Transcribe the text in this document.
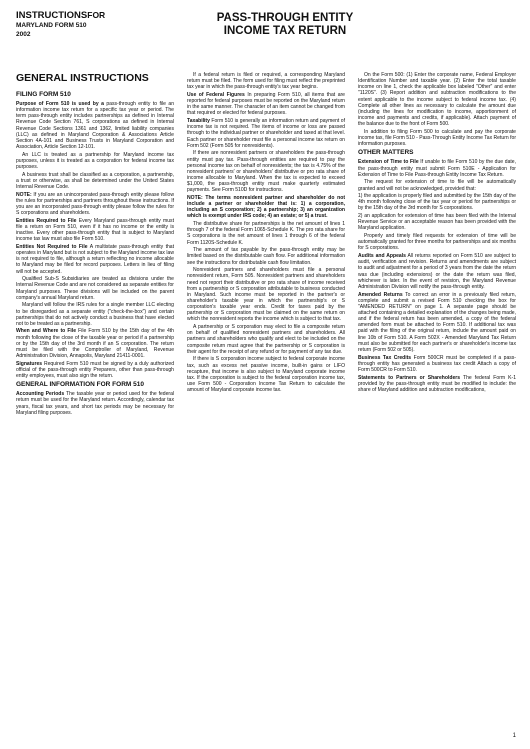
INSTRUCTIONSFOR
MARYLAND FORM 510
2002
PASS-THROUGH ENTITY
INCOME TAX RETURN
GENERAL INSTRUCTIONS
FILING FORM 510

Purpose of Form 510 is used by a pass-through entity to file an information income tax return for a specific tax year or period. The term pass-through entity includes partnerships as defined in Internal Revenue Code Section 761, S corporations as defined in Internal Revenue Code Sections 1361 and 1362, limited liability companies (LLC) as defined in Maryland Corporation & Associations Article Section 4A-101 and Business Trusts in Maryland Corporation and Association, Article Section 12-101.

An LLC is treated as a partnership for Maryland income tax purposes, unless it is treated as a corporation for federal income tax purposes.

A business trust shall be classified as a corporation, a partnership, a trust or otherwise, as shall be determined under the United States Internal Revenue Code.

NOTE: If you are an unincorporated pass-through entity please follow the rules for partnerships and partners throughout these instructions. If you are an incorporated pass-through entity please follow the rules for S corporations and shareholders.

Entities Required to File Every Maryland pass-through entity must file a return on Form 510, even if it has no income or the entity is inactive. Every other pass-through entity that is subject to Maryland income tax law must also file Form 510.

Entities Not Required to File A multistate pass-through entity that operates in Maryland but is not subject to the Maryland income tax law is not required to file, although a return reflecting no income allocable to Maryland may be filed for record purposes. Letters in lieu of filing will not be accepted.

Qualified Sub-S Subsidiaries are treated as divisions under the Internal Revenue Code and are not considered as separate entities for Maryland purposes. These divisions will be included on the parent company's annual Maryland return.

Maryland will follow the IRS rules for a single member LLC electing to be disregarded as a separate entity ("check-the-box") and certain partnerships that do not actively conduct a business that have elected not to be treated as a partnership.

When and Where to File File Form 510 by the 15th day of the 4th month following the close of the taxable year or period if a partnership or by the 15th day of the 3rd month if an S corporation. The return must be filed with the Comptroller of Maryland, Revenue Administration Division, Annapolis, Maryland 21411-0001.

Signatures Required Form 510 must be signed by a duly authorized official of the pass-through entity Preparers, other than pass-through entity employees, must also sign the return.

GENERAL INFORMATION FOR FORM 510

Accounting Periods The taxable year or period used for the federal return must be used for the Maryland return. Accordingly, calendar tax years, fiscal tax years, and short tax periods may be necessary for Maryland filing purposes.

If a federal return is filed or required, a corresponding Maryland return must be filed. The form used for filing must reflect the preprinted tax year in which the pass-through entity's tax year begins.

Use of Federal Figures In preparing Form 510, all items that are reported for federal purposes must be reported on the Maryland return in the same manner. The character of an item cannot be changed from that required or elected for federal purposes.

Taxability Form 510 is generally an information return and payment of income tax is not required. The items of income or loss are passed through to the individual partner or shareholder and taxed at that level. Each partner or shareholder must file a personal income tax return on Form 502 (Form 505 for nonresidents).

If there are nonresident partners or shareholders the pass-through entity must pay tax. Pass-through entities are required to pay the personal income tax on behalf of nonresidents; the tax is 4.75% of the nonresident partners' or shareholders' distributive or pro rata share of income allocable to Maryland. When the tax is expected to exceed $1,000, the pass-through entity must make quarterly estimated payments. See Form 510D for instructions.

NOTE: The terms nonresident partner and shareholder do not include a partner or shareholder that is: 1) a corporation, including an S corporation; 2) a partnership; 3) an organization which is exempt under IRS code; 4) an estate; or 5) a trust.

The distributive share for partnerships is the net amount of lines 1 through 7 of the federal Form 1065-Schedule K. The pro rata share for S corporations is the net amount of lines 1 through 6 of the federal Form 1120S-Schedule K.

The amount of tax payable by the pass-through entity may be limited based on the distributable cash flow. For additional information see the instructions for distributable cash flow limitation.

Nonresident partners and shareholders must file a personal nonresident return, Form 505. Nonresident partners and shareholders need not report their distributive or pro rata share of income received from a partnership or S corporation attributable to business conducted in Maryland. Such income must be reported in the partner's or shareholder's taxable year in which the partnership's or S corporation's taxable year ends. Credit for taxes paid by the partnership or S corporation must be claimed on the same return on which the nonresident reports the income which is subject to that tax.

A partnership or S corporation may elect to file a composite return on behalf of qualified nonresident partners and shareholders. All partners and shareholders who qualify and elect to be included on the composite return must agree that the partnership or S corporation is their agent for the receipt of any refund or for payment of any tax due.

If there is S corporation income subject to federal corporate income tax, such as excess net passive income, built-in gains or LIFO recapture, that income is also subject to Maryland corporate income tax. If the corporation is subject to the federal corporation income tax, use Form 500 - Corporation Income Tax Return to calculate the amount of Maryland corporate income tax.

On the Form 500: (1) Enter the corporate name, Federal Employer Identification Number and taxable year. (2) Enter the total taxable income on line 1, check the applicable box labeled "Other" and enter "1120S". (3) Report addition and subtraction modifications to the extent applicable to the income subject to federal income tax. (4) Complete all other lines as necessary to calculate the amount due (including the lines for modification to income, apportionment of income and payments and credits, if applicable). Attach payment of the balance due to the front of Form 500.

In addition to filing Form 500 to calculate and pay the corporate income tax, file Form 510 - Pass-Through Entity Income Tax Return for information purposes.

OTHER MATTERS

Extension of Time to File If unable to file Form 510 by the due date, the pass-through entity must submit Form 510E - Application for Extension of Time to File Pass-through Entity Income Tax Return.

The request for extension of time to file will be automatically granted and will not be acknowledged, provided that:

1) the application is properly filed and submitted by the 15th day of the 4th month following close of the tax year or period for partnerships or by the 15th day of the 3rd month for S corporations.

2) an application for extension of time has been filed with the Internal Revenue Service or an acceptable reason has been provided with the Maryland application.

Properly and timely filed requests for extension of time will be automatically granted for three months for partnerships and six months for S corporations.

Audits and Appeals All returns reported on Form 510 are subject to audit, verification and revision. Returns and amendments are subject to audit and adjustment for a period of 3 years from the date the return was due (including extensions) or the date the return was filed, whichever is later. In the event of revision, the Maryland Revenue Administration Division will notify the pass-through entity.

Amended Returns To correct an error in a previously filed return, complete and submit a revised Form 510 checking the box for "AMENDED RETURN" on page 1. A separate page should be attached containing a detailed explanation of the changes being made, and if the federal return has been amended, a copy of the federal amended form must be attached to Form 510. If additional tax was paid with the filing of the original return, include the amount paid on line 10b of Form 510. A Form 502X - Amended Maryland Tax Return must also be submitted for each partner's or shareholder's income tax return (Form 502 or 505).

Business Tax Credits Form 500CR must be completed if a pass-through entity has generated a business tax credit Attach a copy of Form 500CR to Form 510.

Statements to Partners or Shareholders The federal Form K-1 provided by the pass-through entity must be modified to include: the share of Maryland addition and subtraction modifications,

1
